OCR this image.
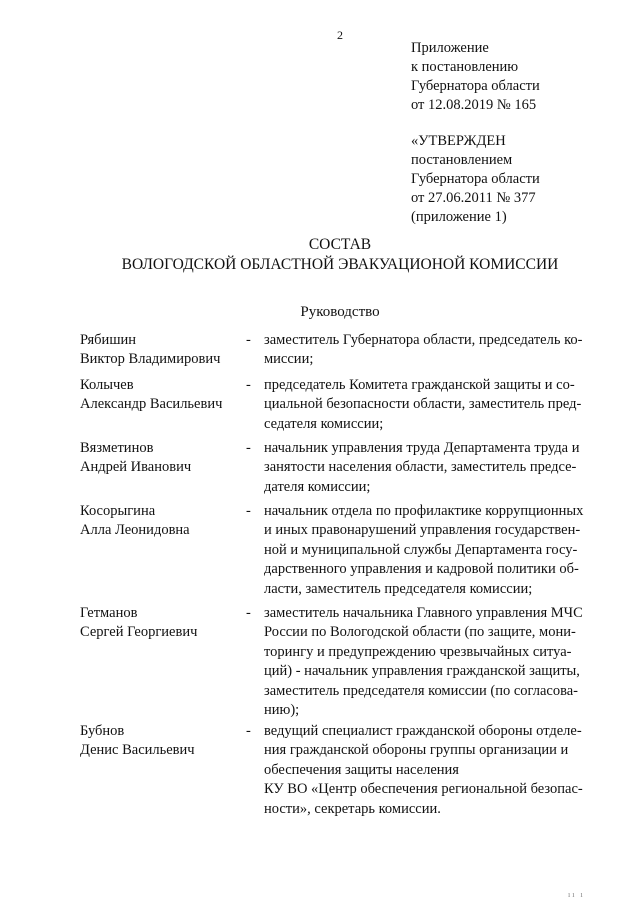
2
Приложение
к постановлению
Губернатора области
от 12.08.2019 № 165
«УТВЕРЖДЕН
постановлением
Губернатора области
от 27.06.2011 № 377
(приложение 1)
СОСТАВ
ВОЛОГОДСКОЙ ОБЛАСТНОЙ ЭВАКУАЦИОНОЙ КОМИССИИ
Руководство
Рябишин
Виктор Владимирович
- заместитель Губернатора области, председатель ко-
миссии;
Колычев
Александр Васильевич
- председатель Комитета гражданской защиты и со-
циальной безопасности области, заместитель пред-
седателя комиссии;
Вязметинов
Андрей Иванович
- начальник управления труда Департамента труда и
занятости населения области, заместитель предсе-
дателя комиссии;
Косорыгина
Алла Леонидовна
- начальник отдела по профилактике коррупционных
и иных правонарушений управления государствен-
ной и муниципальной службы Департамента госу-
дарственного управления и кадровой политики об-
ласти, заместитель председателя комиссии;
Гетманов
Сергей Георгиевич
- заместитель начальника Главного управления МЧС
России по Вологодской области (по защите, мони-
торингу и предупреждению чрезвычайных ситуа-
ций) - начальник управления гражданской защиты,
заместитель председателя комиссии (по согласова-
нию);
Бубнов
Денис Васильевич
- ведущий специалист гражданской обороны отделе-
ния гражданской обороны группы организации и
обеспечения защиты населения
КУ ВО «Центр обеспечения региональной безопас-
ности», секретарь комиссии.
ıı ı
